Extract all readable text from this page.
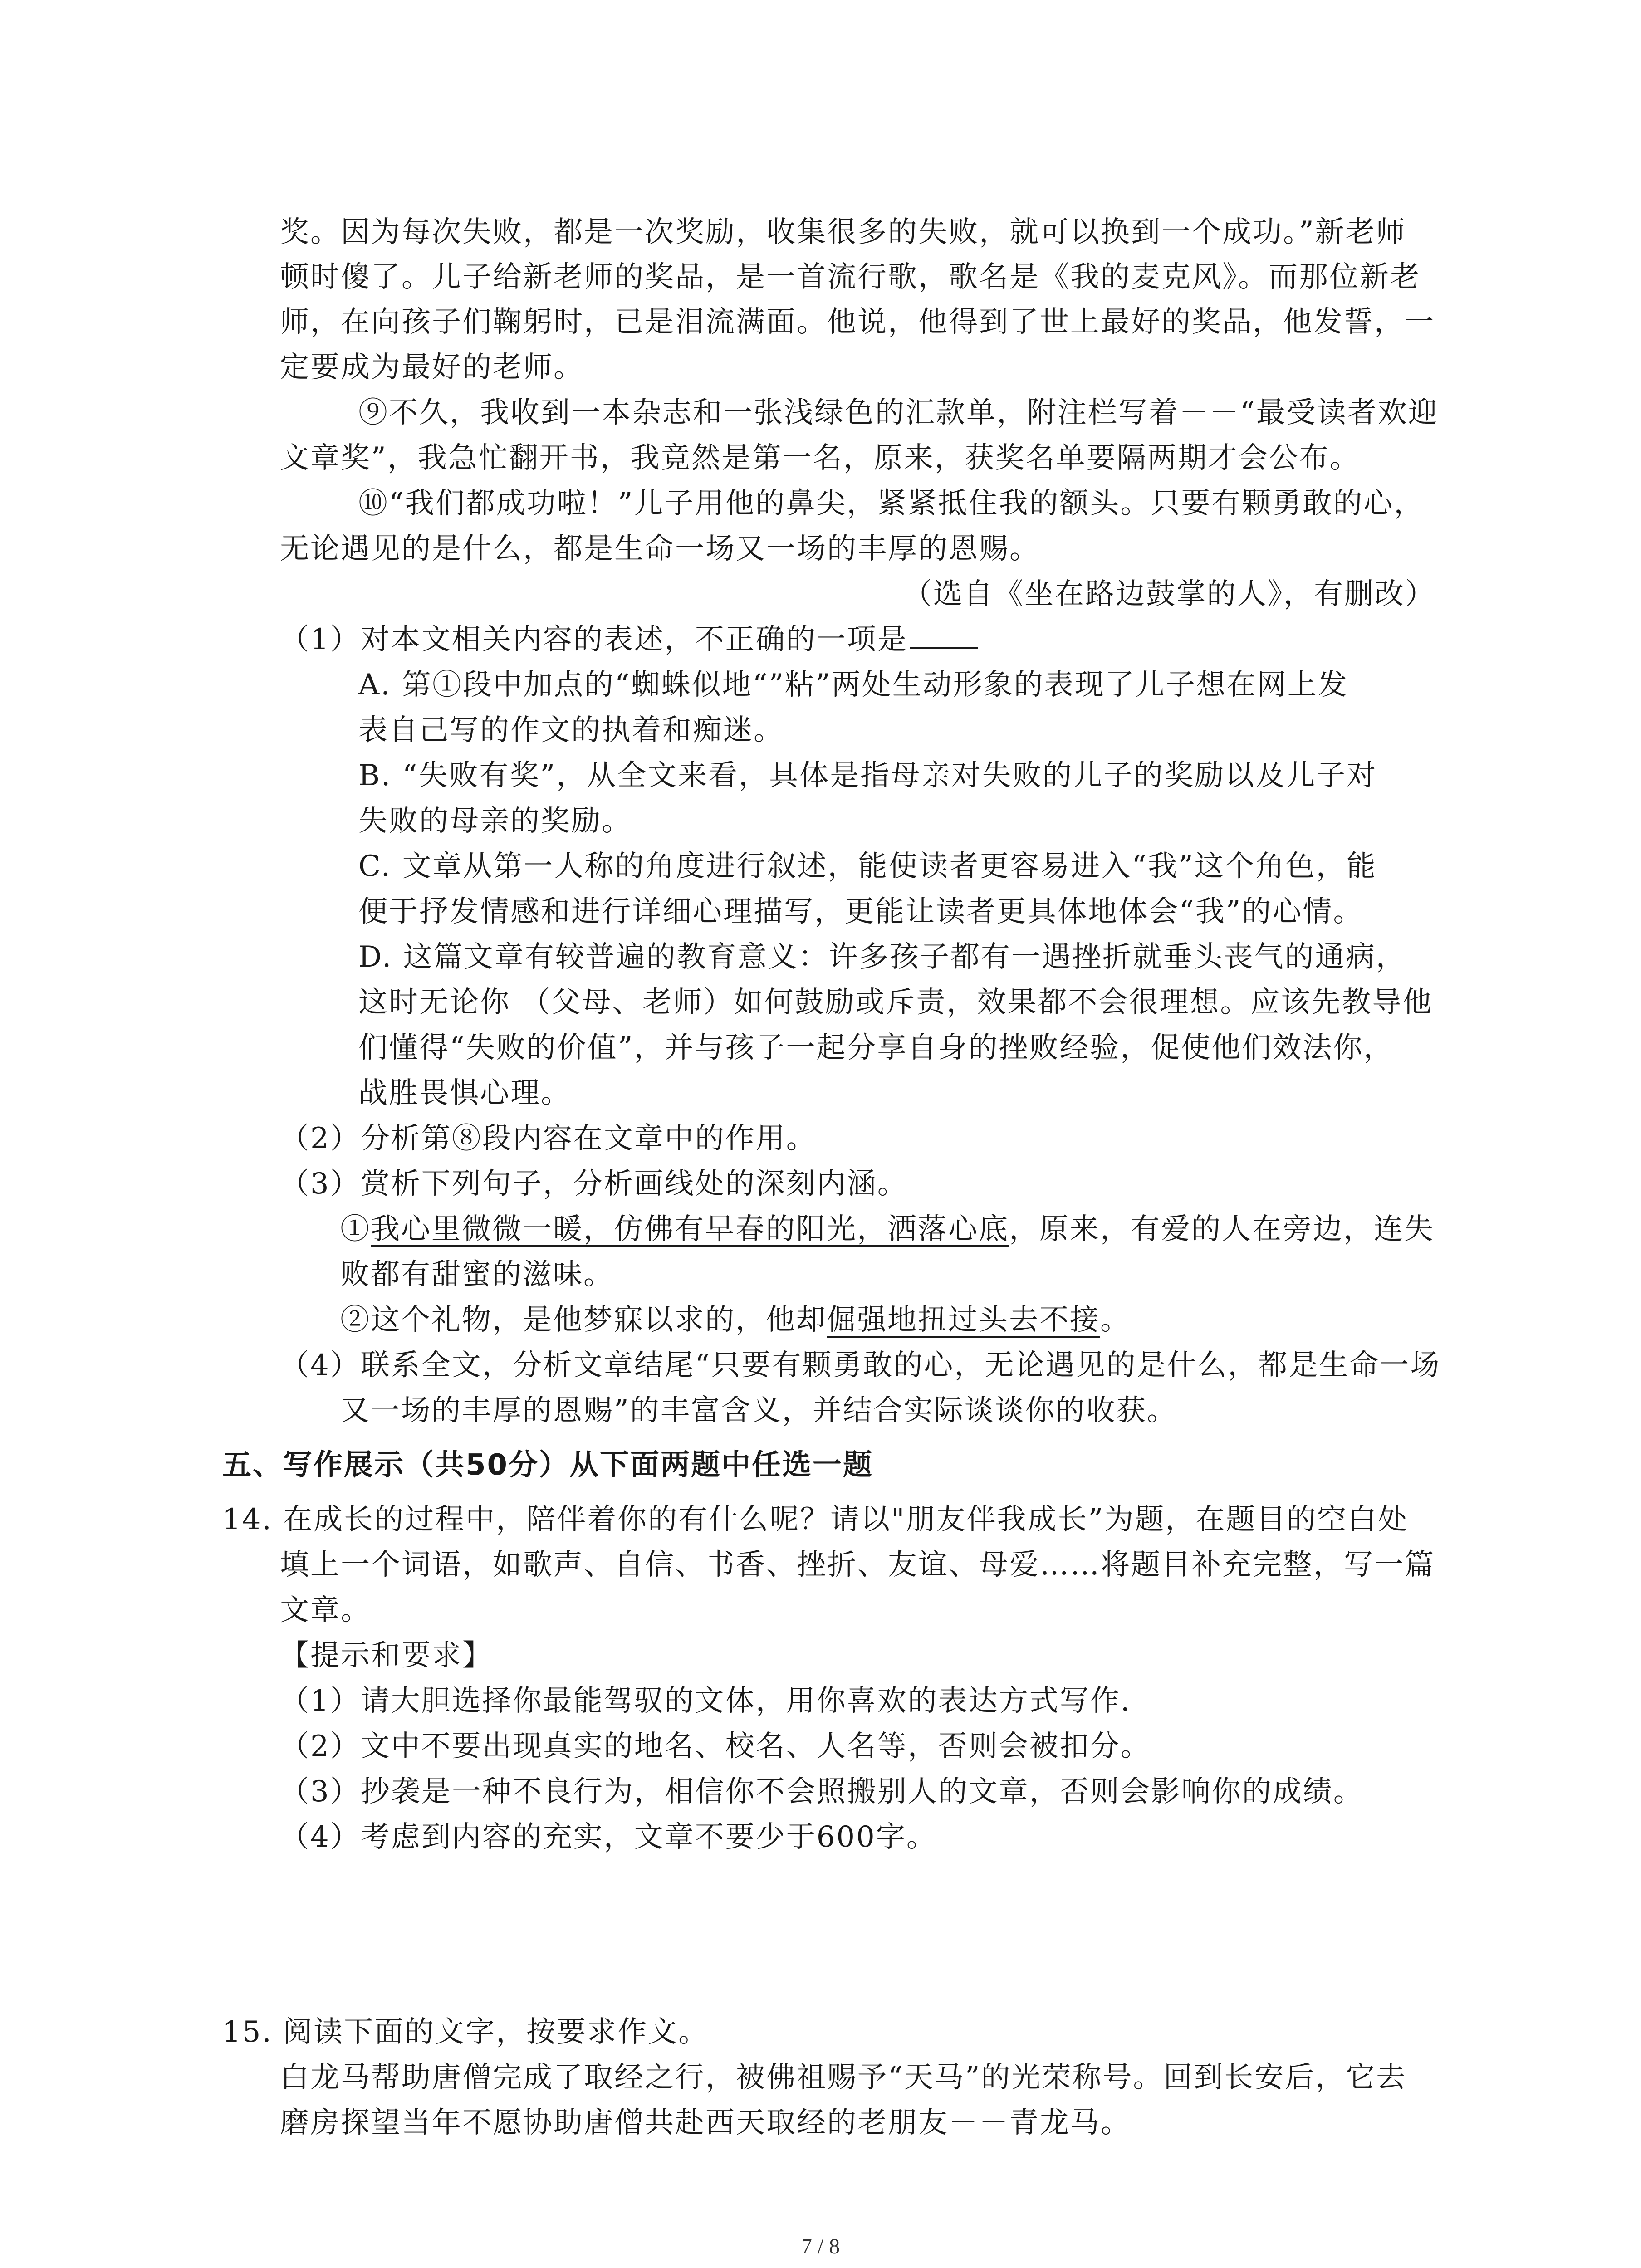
奖。因为每次失败，都是一次奖励，收集很多的失败，就可以换到一个成功。”新老师
顿时傻了。儿子给新老师的奖品，是一首流行歌，歌名是《我的麦克风》。而那位新老
师，在向孩子们鞠躬时，已是泪流满面。他说，他得到了世上最好的奖品，他发誓，一
定要成为最好的老师。
⑨不久，我收到一本杂志和一张浅绿色的汇款单，附注栏写着－－“最受读者欢迎
文章奖”，我急忙翻开书，我竟然是第一名，原来，获奖名单要隔两期才会公布。
⑩“我们都成功啦！”儿子用他的鼻尖，紧紧抵住我的额头。只要有颗勇敢的心，
无论遇见的是什么，都是生命一场又一场的丰厚的恩赐。
（选自《坐在路边鼓掌的人》，有删改）
（1）对本文相关内容的表述，不正确的一项是
A. 第①段中加点的“蜘蛛似地“”粘”两处生动形象的表现了儿子想在网上发
表自己写的作文的执着和痴迷。
B. “失败有奖”，从全文来看，具体是指母亲对失败的儿子的奖励以及儿子对
失败的母亲的奖励。
C. 文章从第一人称的角度进行叙述，能使读者更容易进入“我”这个角色，能
便于抒发情感和进行详细心理描写，更能让读者更具体地体会“我”的心情。
D. 这篇文章有较普遍的教育意义：许多孩子都有一遇挫折就垂头丧气的通病，
这时无论你 （父母、老师）如何鼓励或斥责，效果都不会很理想。应该先教导他
们懂得“失败的价值”，并与孩子一起分享自身的挫败经验，促使他们效法你，
战胜畏惧心理。
（2）分析第⑧段内容在文章中的作用。
（3）赏析下列句子，分析画线处的深刻内涵。
①我心里微微一暖，仿佛有早春的阳光，洒落心底，原来，有爱的人在旁边，连失
败都有甜蜜的滋味。
②这个礼物，是他梦寐以求的，他却倔强地扭过头去不接。
（4）联系全文，分析文章结尾“只要有颗勇敢的心，无论遇见的是什么，都是生命一场
又一场的丰厚的恩赐”的丰富含义，并结合实际谈谈你的收获。
五、写作展示（共50分）从下面两题中任选一题
14. 在成长的过程中，陪伴着你的有什么呢？请以"朋友伴我成长”为题，在题目的空白处
填上一个词语，如歌声、自信、书香、挫折、友谊、母爱……将题目补充完整，写一篇
文章。
【提示和要求】
（1）请大胆选择你最能驾驭的文体，用你喜欢的表达方式写作.
（2）文中不要出现真实的地名、校名、人名等，否则会被扣分。
（3）抄袭是一种不良行为，相信你不会照搬别人的文章，否则会影响你的成绩。
（4）考虑到内容的充实，文章不要少于600字。
15. 阅读下面的文字，按要求作文。
白龙马帮助唐僧完成了取经之行，被佛祖赐予“天马”的光荣称号。回到长安后，它去
磨房探望当年不愿协助唐僧共赴西天取经的老朋友－－青龙马。
7 / 8
